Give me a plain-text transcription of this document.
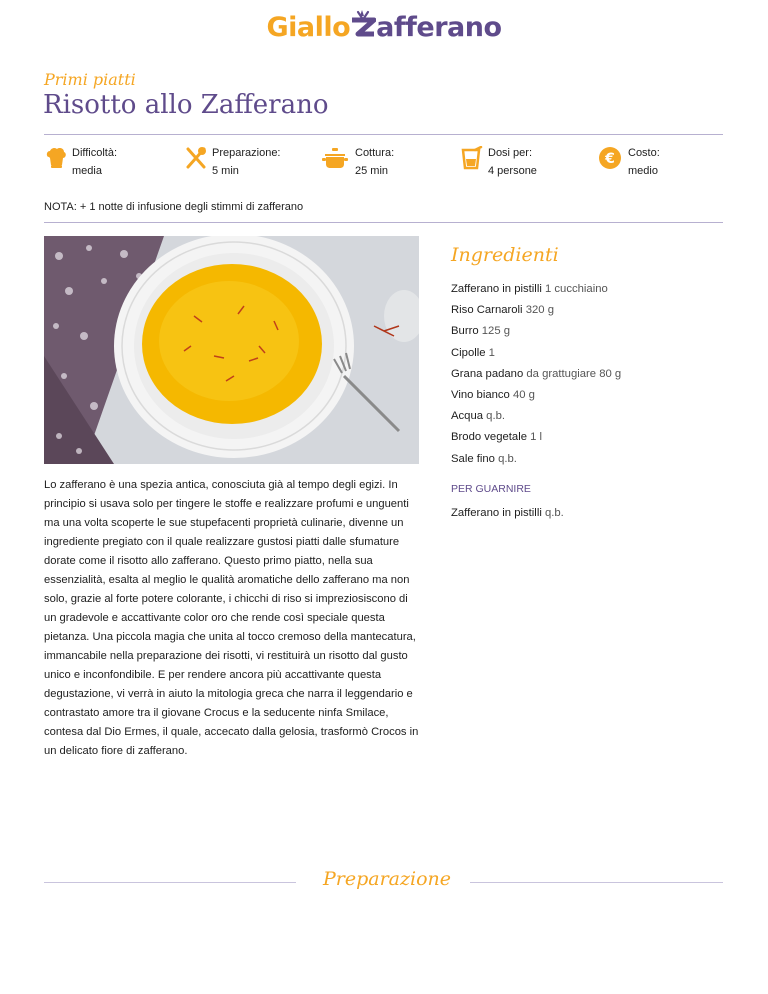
Giallo afferano
Primi piatti
Risotto allo Zafferano
Difficoltà:
media
Preparazione:
5 min
Cottura:
25 min
Dosi per:
4 persone
€ Costo:
medio
NOTA: + 1 notte di infusione degli stimmi di zafferano
Lo zafferano è una spezia antica, conosciuta già al tempo degli egizi. In principio si usava solo per tingere le stoffe e realizzare profumi e unguenti ma una volta scoperte le sue stupefacenti proprietà culinarie, divenne un ingrediente pregiato con il quale realizzare gustosi piatti dalle sfumature dorate come il risotto allo zafferano. Questo primo piatto, nella sua essenzialità, esalta al meglio le qualità aromatiche dello zafferano ma non solo, grazie al forte potere colorante, i chicchi di riso si impreziosiscono di un gradevole e accattivante color oro che rende così speciale questa pietanza. Una piccola magia che unita al tocco cremoso della mantecatura, immancabile nella preparazione dei risotti, vi restituirà un risotto dal gusto unico e inconfondibile. E per rendere ancora più accattivante questa degustazione, vi verrà in aiuto la mitologia greca che narra il leggendario e contrastato amore tra il giovane Crocus e la seducente ninfa Smilace, contesa dal Dio Ermes, il quale, accecato dalla gelosia, trasformò Crocos in un delicato fiore di zafferano.
Ingredienti
Zafferano in pistilli 1 cucchiaino
Riso Carnaroli 320 g
Burro 125 g
Cipolle 1
Grana padano da grattugiare 80 g
Vino bianco 40 g
Acqua q.b.
Brodo vegetale 1 l
Sale fino q.b.
PER GUARNIRE
Zafferano in pistilli q.b.
Preparazione
